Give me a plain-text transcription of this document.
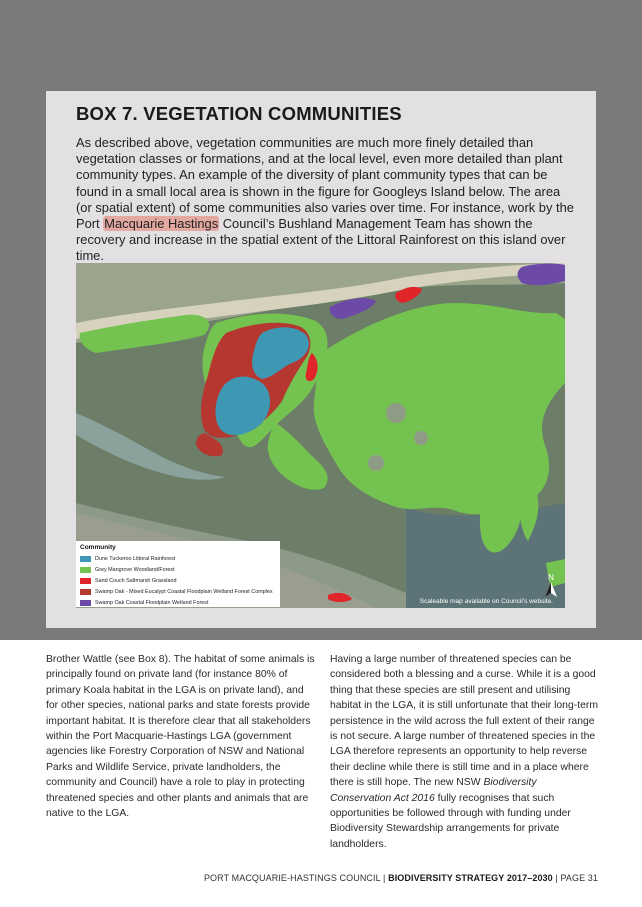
BOX 7. VEGETATION COMMUNITIES

As described above, vegetation communities are much more finely detailed than vegetation classes or formations, and at the local level, even more detailed than plant community types. An example of the diversity of plant community types that can be found in a small local area is shown in the figure for Googleys Island below. The area (or spatial extent) of some communities also varies over time. For instance, work by the Port Macquarie Hastings Council’s Bushland Management Team has shown the recovery and increase in the spatial extent of the Littoral Rainforest on this island over time.

Community
Dune Tuckeroo Littoral Rainforest
Grey Mangrove Woodland/Forest
Sand Couch Saltmarsh Grassland
Swamp Oak - Mixed Eucalypt Coastal Floodplain Wetland Forest Complex
Swamp Oak Coastal Floodplain Wetland Forest	Scaleable map available on Council’s website.
N

Brother Wattle (see Box 8). The habitat of some animals is principally found on private land (for instance 80% of primary Koala habitat in the LGA is on private land), and for other species, national parks and state forests provide important habitat. It is therefore clear that all stakeholders within the Port Macquarie-Hastings LGA (government agencies like Forestry Corporation of NSW and National Parks and Wildlife Service, private landholders, the community and Council) have a role to play in protecting threatened species and other plants and animals that are native to the LGA.

Having a large number of threatened species can be considered both a blessing and a curse. While it is a good thing that these species are still present and utilising habitat in the LGA, it is still unfortunate that their long-term persistence in the wild across the full extent of their range is not secure. A large number of threatened species in the LGA therefore represents an opportunity to help reverse their decline while there is still time and in a place where there is still hope. The new NSW Biodiversity Conservation Act 2016 fully recognises that such opportunities be followed through with funding under Biodiversity Stewardship arrangements for private landholders.

PORT MACQUARIE-HASTINGS COUNCIL | BIODIVERSITY STRATEGY 2017–2030 | PAGE 31
